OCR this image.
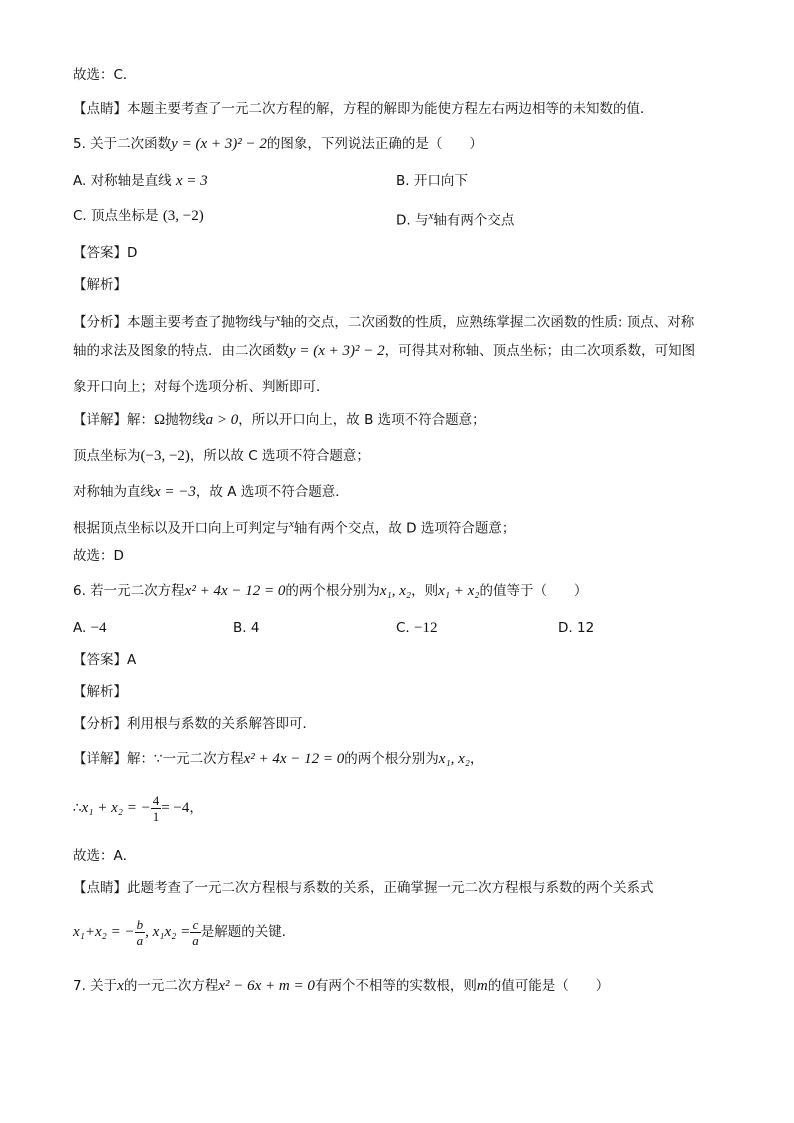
故选：C．
【点睛】本题主要考查了一元二次方程的解，方程的解即为能使方程左右两边相等的未知数的值．
5. 关于二次函数y = (x + 3)² − 2的图象，下列说法正确的是（　　）
A. 对称轴是直线 x = 3	B. 开口向下
C. 顶点坐标是 (3, −2)	D. 与$^x$轴有两个交点
【答案】D
【解析】
【分析】本题主要考查了抛物线与$^x$轴的交点，二次函数的性质，应熟练掌握二次函数的性质: 顶点、对称
轴的求法及图象的特点．由二次函数y = (x + 3)² − 2，可得其对称轴、顶点坐标；由二次项系数，可知图
象开口向上；对每个选项分析、判断即可．
【详解】解：Ω抛物线a > 0，所以开口向上，故 B 选项不符合题意；
顶点坐标为(−3, −2)，所以故 C 选项不符合题意；
对称轴为直线x = −3，故 A 选项不符合题意．
根据顶点坐标以及开口向上可判定与$^x$轴有两个交点，故 D 选项符合题意；
故选：D
6. 若一元二次方程x² + 4x − 12 = 0的两个根分别为x₁, x₂，则x₁ + x₂的值等于（　　）
A. −4	B. 4	C. −12	D. 12
【答案】A
【解析】
【分析】利用根与系数的关系解答即可．
【详解】解：∵一元二次方程x² + 4x − 12 = 0的两个根分别为x₁, x₂，
∴x₁ + x₂ = − $\frac{4}{1} = -4$，
故选：A．
【点睛】此题考查了一元二次方程根与系数的关系，正确掌握一元二次方程根与系数的两个关系式
x₁+x₂ = − $\frac{b}{a}$ , $x_1x_2 = \frac{c}{a}$ 是解题的关键．
7. 关于x的一元二次方程x² − 6x + m = 0有两个不相等的实数根，则m的值可能是（　　）
